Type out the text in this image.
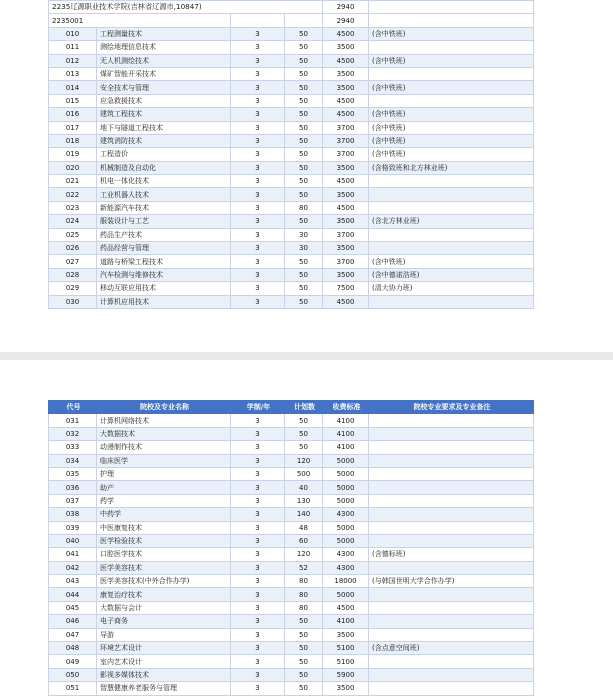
2235辽源职业技术学院(吉林省辽源市,10847)				2940	
2235001				2940	
010	工程测量技术	3	50	4500	(含中铁班)
011	测绘地理信息技术	3	50	3500	
012	无人机测绘技术	3	50	4500	(含中铁班)
013	煤矿智能开采技术	3	50	3500	
014	安全技术与管理	3	50	3500	(含中铁班)
015	应急救援技术	3	50	4500	
016	建筑工程技术	3	50	4500	(含中铁班)
017	地下与隧道工程技术	3	50	3700	(含中铁班)
018	建筑消防技术	3	50	3700	(含中铁班)
019	工程造价	3	50	3700	(含中铁班)
020	机械制造及自动化	3	50	3500	(含格致班和北方林业班)
021	机电一体化技术	3	50	4500	
022	工业机器人技术	3	50	3500	
023	新能源汽车技术	3	80	4500	
024	服装设计与工艺	3	50	3500	(含北方林业班)
025	药品生产技术	3	30	3700	
026	药品经营与管理	3	30	3500	
027	道路与桥梁工程技术	3	50	3700	(含中铁班)
028	汽车检测与维修技术	3	50	3500	(含中德诺浩班)
029	移动互联应用技术	3	50	7500	(清大协力班)
030	计算机应用技术	3	50	4500	
代号	院校及专业名称	学制/年	计划数	收费标准	院校专业要求及专业备注
031	计算机网络技术	3	50	4100	
032	大数据技术	3	50	4100	
033	动漫制作技术	3	50	4100	
034	临床医学	3	120	5000	
035	护理	3	500	5000	
036	助产	3	40	5000	
037	药学	3	130	5000	
038	中药学	3	140	4300	
039	中医康复技术	3	48	5000	
040	医学检验技术	3	60	5000	
041	口腔医学技术	3	120	4300	(含德标班)
042	医学美容技术	3	52	4300	
043	医学美容技术(中外合作办学)	3	80	18000	(与韩国世明大学合作办学)
044	康复治疗技术	3	80	5000	
045	大数据与会计	3	80	4500	
046	电子商务	3	50	4100	
047	导游	3	50	3500	
048	环境艺术设计	3	50	5100	(含点意空间班)
049	室内艺术设计	3	50	5100	
050	影视多媒体技术	3	50	5900	
051	智慧健康养老服务与管理	3	50	3500	
